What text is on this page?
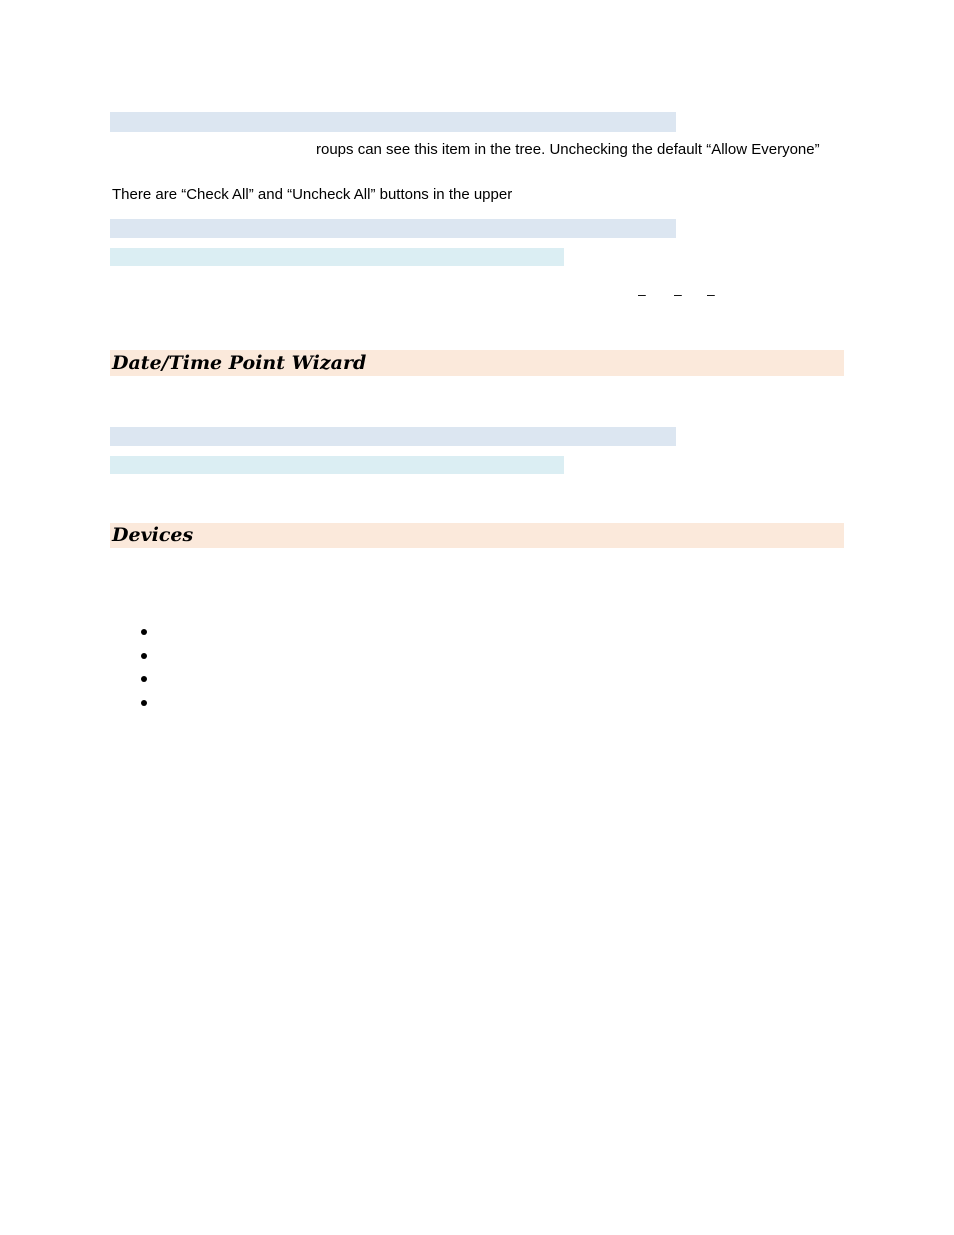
roups can see this item in the tree. Unchecking the default “Allow Everyone”
There are “Check All” and “Uncheck All” buttons in the upper
– – –
Date/Time Point Wizard
Devices
